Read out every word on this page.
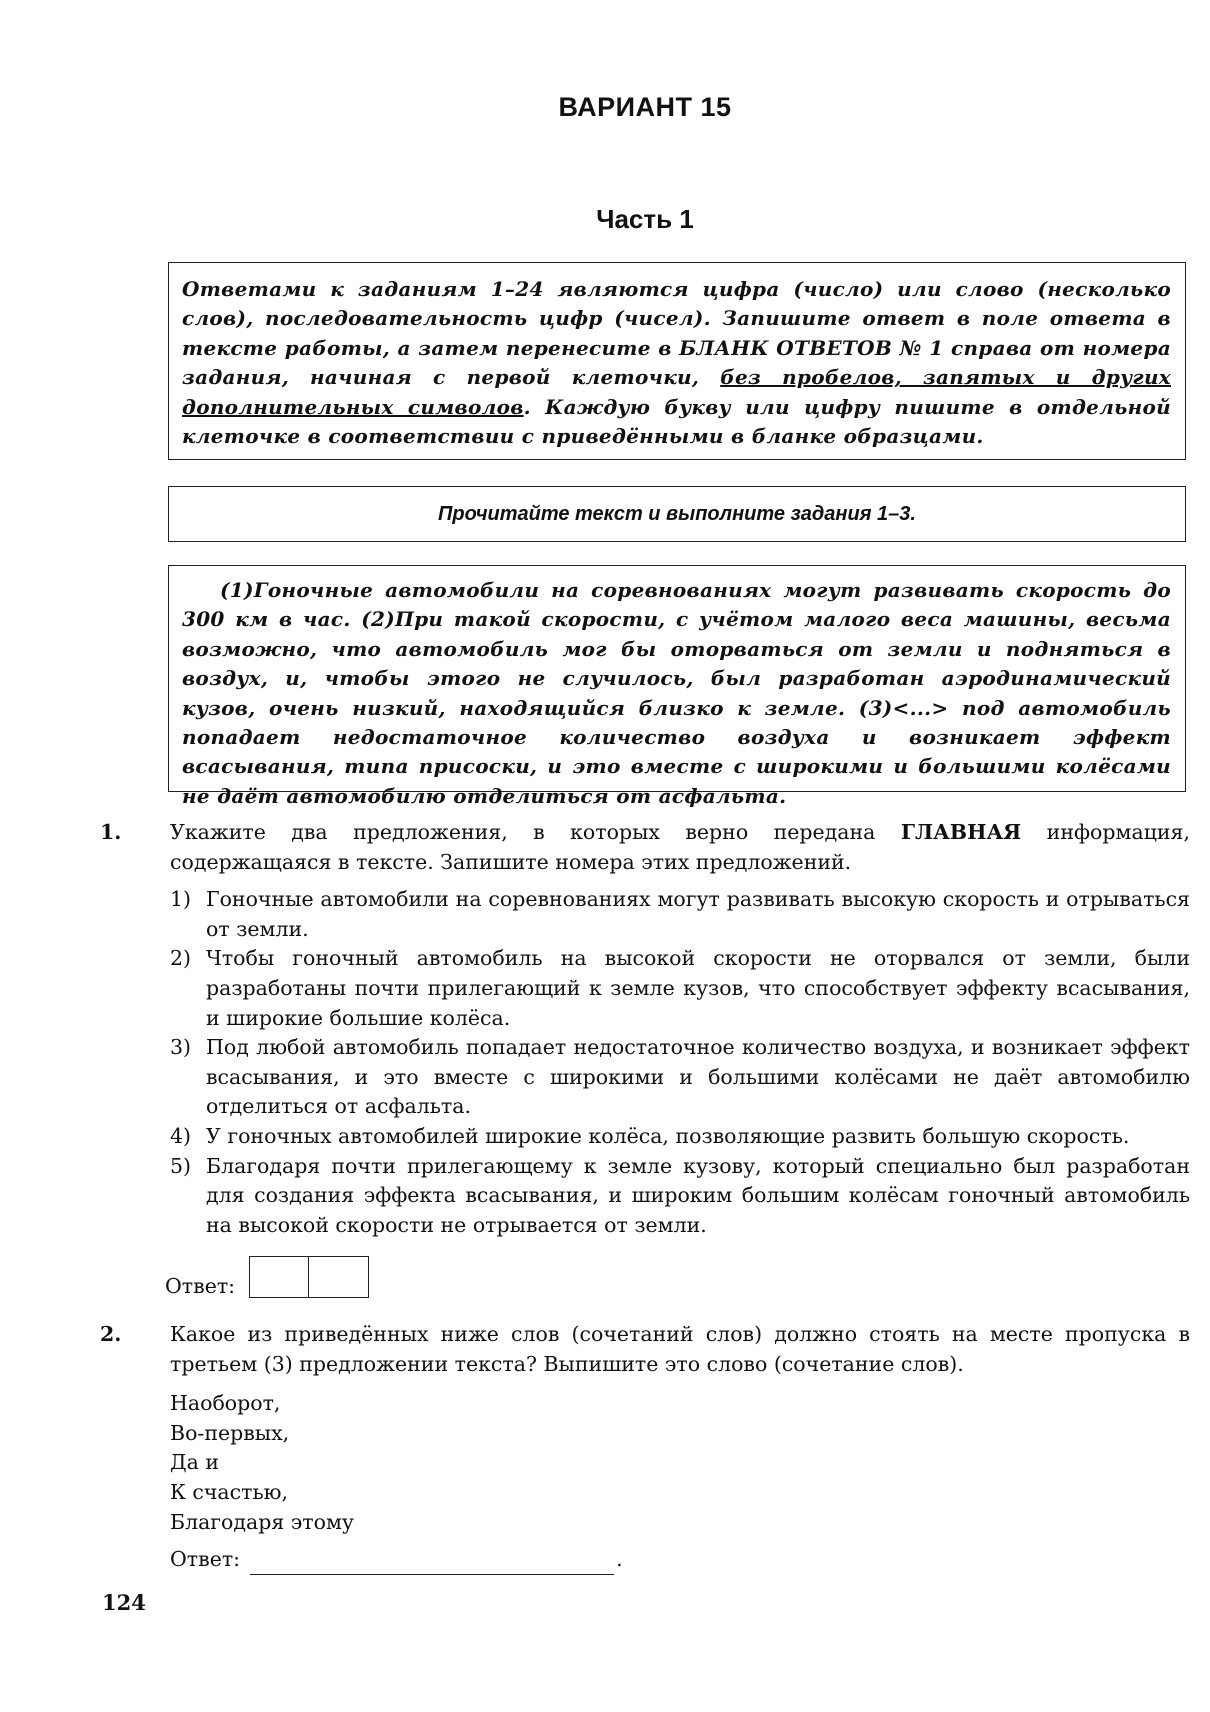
ВАРИАНТ 15
Часть 1
Ответами к заданиям 1–24 являются цифра (число) или слово (несколько слов), последовательность цифр (чисел). Запишите ответ в поле ответа в тексте работы, а затем перенесите в БЛАНК ОТВЕТОВ № 1 справа от номера задания, начиная с первой клеточки, без пробелов, запятых и других дополнительных символов. Каждую букву или цифру пишите в отдельной клеточке в соответствии с приведёнными в бланке образцами.
Прочитайте текст и выполните задания 1–3.

(1)Гоночные автомобили на соревнованиях могут развивать скорость до 300 км в час. (2)При такой скорости, с учётом малого веса машины, весьма возможно, что автомобиль мог бы оторваться от земли и подняться в воздух, и, чтобы этого не случилось, был разработан аэродинамический кузов, очень низкий, находящийся близко к земле. (3)<...> под автомобиль попадает недостаточное количество воздуха и возникает эффект всасывания, типа присоски, и это вместе с широкими и большими колёсами не даёт автомобилю отделиться от асфальта.

1. Укажите два предложения, в которых верно передана ГЛАВНАЯ информация, содержащаяся в тексте. Запишите номера этих предложений.
1) Гоночные автомобили на соревнованиях могут развивать высокую скорость и отрываться от земли.
2) Чтобы гоночный автомобиль на высокой скорости не оторвался от земли, были разработаны почти прилегающий к земле кузов, что способствует эффекту всасывания, и широкие большие колёса.
3) Под любой автомобиль попадает недостаточное количество воздуха, и возникает эффект всасывания, и это вместе с широкими и большими колёсами не даёт автомобилю отделиться от асфальта.
4) У гоночных автомобилей широкие колёса, позволяющие развить большую скорость.
5) Благодаря почти прилегающему к земле кузову, который специально был разработан для создания эффекта всасывания, и широким большим колёсам гоночный автомобиль на высокой скорости не отрывается от земли.
Ответ:
2. Какое из приведённых ниже слов (сочетаний слов) должно стоять на месте пропуска в третьем (3) предложении текста? Выпишите это слово (сочетание слов).
Наоборот,
Во-первых,
Да и
К счастью,
Благодаря этому
Ответ:	.
124
